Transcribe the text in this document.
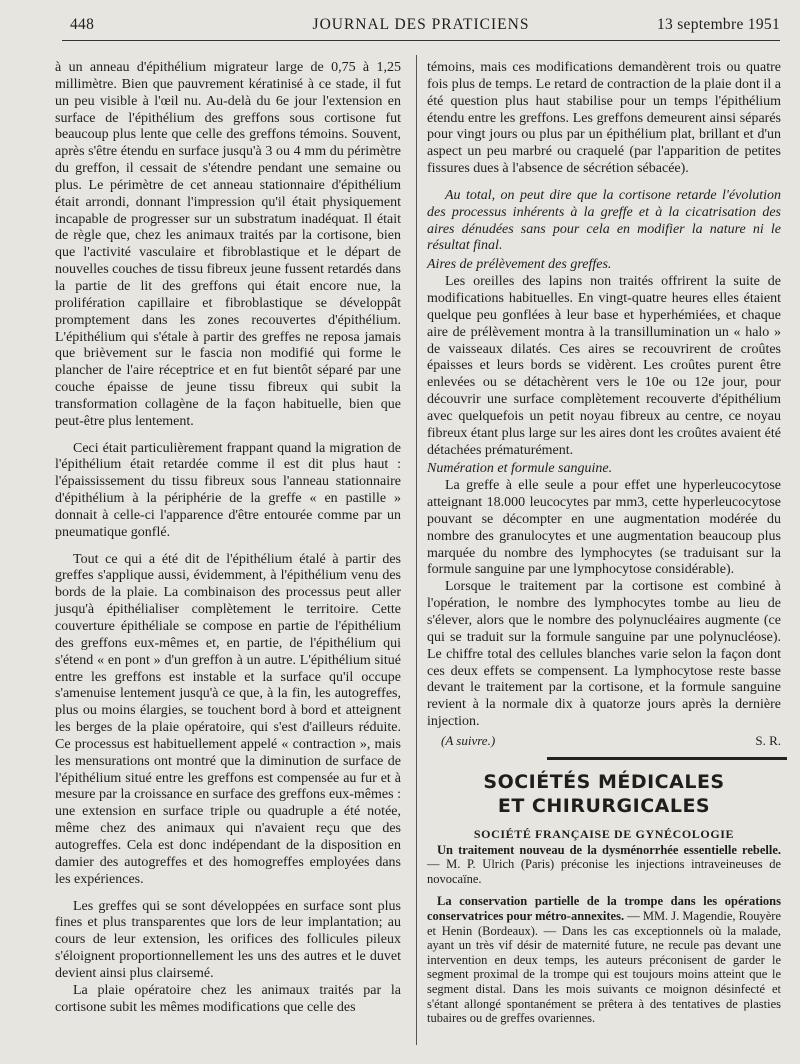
448	JOURNAL DES PRATICIENS	13 septembre 1951

à un anneau d'épithélium migrateur large de 0,75 à 1,25 millimètre. Bien que pauvrement kératinisé à ce stade, il fut un peu visible à l'œil nu. Au-delà du 6e jour l'extension en surface de l'épithélium des greffons sous cortisone fut beaucoup plus lente que celle des greffons témoins. Souvent, après s'être étendu en surface jusqu'à 3 ou 4 mm du périmètre du greffon, il cessait de s'étendre pendant une semaine ou plus. Le périmètre de cet anneau stationnaire d'épithélium était arrondi, donnant l'impression qu'il était physiquement incapable de progresser sur un substratum inadéquat. Il était de règle que, chez les animaux traités par la cortisone, bien que l'activité vasculaire et fibroblastique et le départ de nouvelles couches de tissu fibreux jeune fussent retardés dans la partie de lit des greffons qui était encore nue, la prolifération capillaire et fibroblastique se développât promptement dans les zones recouvertes d'épithélium. L'épithélium qui s'étale à partir des greffes ne reposa jamais que brièvement sur le fascia non modifié qui forme le plancher de l'aire réceptrice et en fut bientôt séparé par une couche épaisse de jeune tissu fibreux qui subit la transformation collagène de la façon habituelle, bien que peut-être plus lentement.

Ceci était particulièrement frappant quand la migration de l'épithélium était retardée comme il est dit plus haut : l'épaississement du tissu fibreux sous l'anneau stationnaire d'épithélium à la périphérie de la greffe « en pastille » donnait à celle-ci l'apparence d'être entourée comme par un pneumatique gonflé.

Tout ce qui a été dit de l'épithélium étalé à partir des greffes s'applique aussi, évidemment, à l'épithélium venu des bords de la plaie. La combinaison des processus peut aller jusqu'à épithélialiser complètement le territoire. Cette couverture épithéliale se compose en partie de l'épithélium des greffons eux-mêmes et, en partie, de l'épithélium qui s'étend « en pont » d'un greffon à un autre. L'épithélium situé entre les greffons est instable et la surface qu'il occupe s'amenuise lentement jusqu'à ce que, à la fin, les autogreffes, plus ou moins élargies, se touchent bord à bord et atteignent les berges de la plaie opératoire, qui s'est d'ailleurs réduite. Ce processus est habituellement appelé « contraction », mais les mensurations ont montré que la diminution de surface de l'épithélium situé entre les greffons est compensée au fur et à mesure par la croissance en surface des greffons eux-mêmes : une extension en surface triple ou quadruple a été notée, même chez des animaux qui n'avaient reçu que des autogreffes. Cela est donc indépendant de la disposition en damier des autogreffes et des homogreffes employées dans les expériences.

Les greffes qui se sont développées en surface sont plus fines et plus transparentes que lors de leur implantation; au cours de leur extension, les orifices des follicules pileux s'éloignent proportionnellement les uns des autres et le duvet devient ainsi plus clairsemé.

La plaie opératoire chez les animaux traités par la cortisone subit les mêmes modifications que celle des

témoins, mais ces modifications demandèrent trois ou quatre fois plus de temps. Le retard de contraction de la plaie dont il a été question plus haut stabilise pour un temps l'épithélium étendu entre les greffons. Les greffons demeurent ainsi séparés pour vingt jours ou plus par un épithélium plat, brillant et d'un aspect un peu marbré ou craquelé (par l'apparition de petites fissures dues à l'absence de sécrétion sébacée).

Au total, on peut dire que la cortisone retarde l'évolution des processus inhérents à la greffe et à la cicatrisation des aires dénudées sans pour cela en modifier la nature ni le résultat final.

Aires de prélèvement des greffes.

Les oreilles des lapins non traités offrirent la suite de modifications habituelles. En vingt-quatre heures elles étaient quelque peu gonflées à leur base et hyperhémiées, et chaque aire de prélèvement montra à la transillumination un « halo » de vaisseaux dilatés. Ces aires se recouvrirent de croûtes épaisses et leurs bords se vidèrent. Les croûtes purent être enlevées ou se détachèrent vers le 10e ou 12e jour, pour découvrir une surface complètement recouverte d'épithélium avec quelquefois un petit noyau fibreux au centre, ce noyau fibreux étant plus large sur les aires dont les croûtes avaient été détachées prématurément.

Numération et formule sanguine.

La greffe à elle seule a pour effet une hyperleucocytose atteignant 18.000 leucocytes par mm3, cette hyperleucocytose pouvant se décompter en une augmentation modérée du nombre des granulocytes et une augmentation beaucoup plus marquée du nombre des lymphocytes (se traduisant sur la formule sanguine par une lymphocytose considérable).

Lorsque le traitement par la cortisone est combiné à l'opération, le nombre des lymphocytes tombe au lieu de s'élever, alors que le nombre des polynucléaires augmente (ce qui se traduit sur la formule sanguine par une polynucléose). Le chiffre total des cellules blanches varie selon la façon dont ces deux effets se compensent. La lymphocytose reste basse devant le traitement par la cortisone, et la formule sanguine revient à la normale dix à quatorze jours après la dernière injection.

(A suivre.)	S. R.
SOCIÉTÉS MÉDICALES
ET CHIRURGICALES
SOCIÉTÉ FRANÇAISE DE GYNÉCOLOGIE

Un traitement nouveau de la dysménorrhée essentielle rebelle. — M. P. Ulrich (Paris) préconise les injections intraveineuses de novocaïne.

La conservation partielle de la trompe dans les opérations conservatrices pour métro-annexites. — MM. J. Magendie, Rouyère et Henin (Bordeaux). — Dans les cas exceptionnels où la malade, ayant un très vif désir de maternité future, ne recule pas devant une intervention en deux temps, les auteurs préconisent de garder le segment proximal de la trompe qui est toujours moins atteint que le segment distal. Dans les mois suivants ce moignon désinfecté et s'étant allongé spontanément se prêtera à des tentatives de plasties tubaires ou de greffes ovariennes.
